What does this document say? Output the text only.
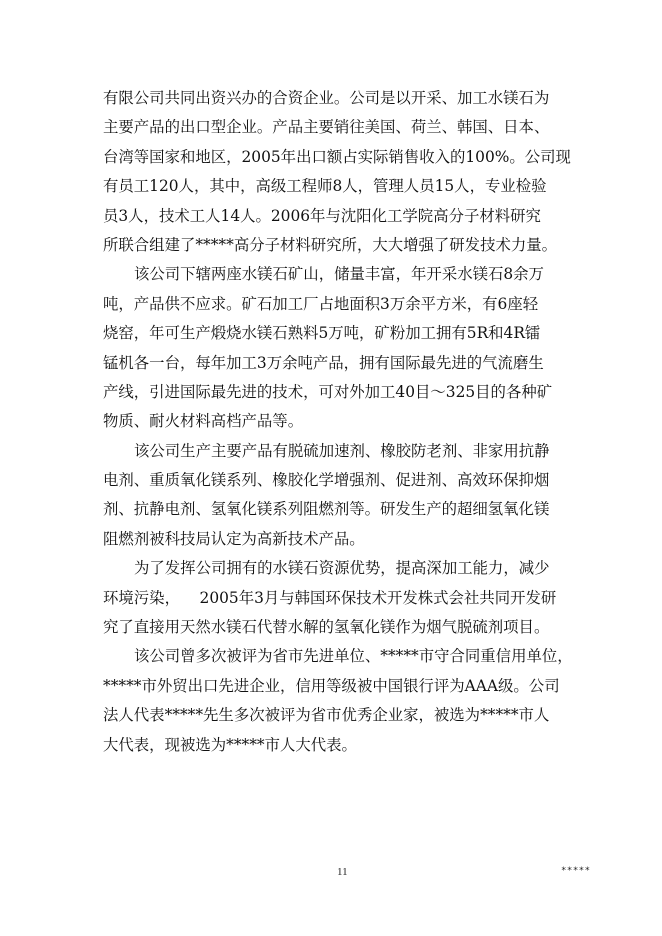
有限公司共同出资兴办的合资企业。公司是以开采、加工水镁石为
主要产品的出口型企业。产品主要销往美国、荷兰、韩国、日本、
台湾等国家和地区，2005年出口额占实际销售收入的100%。公司现
有员工120人，其中，高级工程师8人，管理人员15人，专业检验
员3人，技术工人14人。2006年与沈阳化工学院高分子材料研究
所联合组建了*****高分子材料研究所，大大增强了研发技术力量。
该公司下辖两座水镁石矿山，储量丰富，年开采水镁石8余万
吨，产品供不应求。矿石加工厂占地面积3万余平方米，有6座轻
烧窑，年可生产煅烧水镁石熟料5万吨，矿粉加工拥有5R和4R镭
锰机各一台，每年加工3万余吨产品，拥有国际最先进的气流磨生
产线，引进国际最先进的技术，可对外加工40目～325目的各种矿
物质、耐火材料高档产品等。
该公司生产主要产品有脱硫加速剂、橡胶防老剂、非家用抗静
电剂、重质氧化镁系列、橡胶化学增强剂、促进剂、高效环保抑烟
剂、抗静电剂、氢氧化镁系列阻燃剂等。研发生产的超细氢氧化镁
阻燃剂被科技局认定为高新技术产品。
为了发挥公司拥有的水镁石资源优势，提高深加工能力，减少
环境污染，    2005年3月与韩国环保技术开发株式会社共同开发研
究了直接用天然水镁石代替水解的氢氧化镁作为烟气脱硫剂项目。
该公司曾多次被评为省市先进单位、*****市守合同重信用单位，
*****市外贸出口先进企业，信用等级被中国银行评为AAA级。公司
法人代表*****先生多次被评为省市优秀企业家，被选为*****市人
大代表，现被选为*****市人大代表。
11	*****
